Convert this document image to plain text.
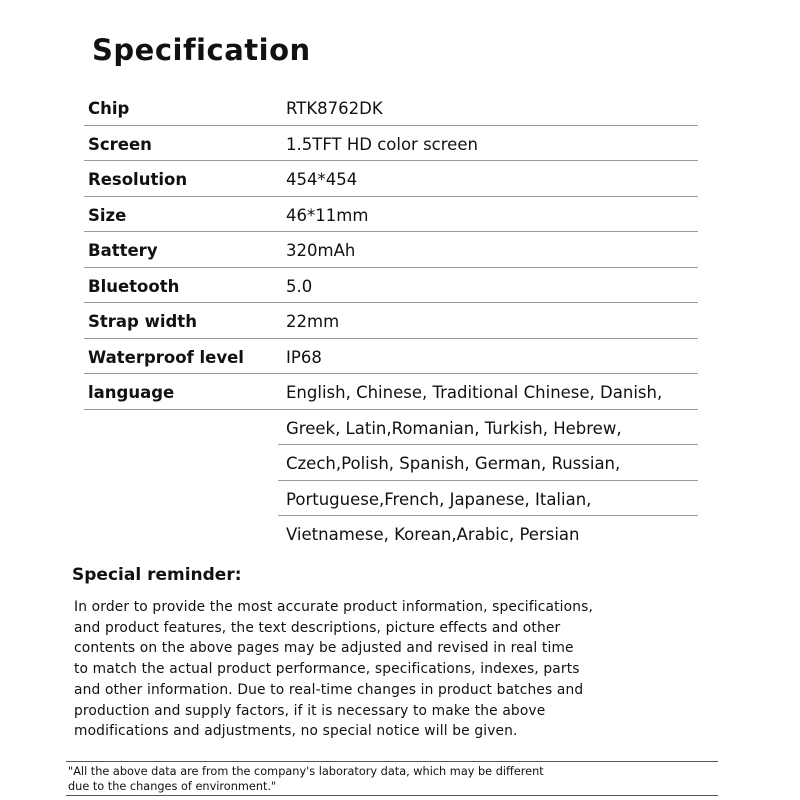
Specification
Chip	RTK8762DK
Screen	1.5TFT HD color screen
Resolution	454*454
Size	46*11mm
Battery	320mAh
Bluetooth	5.0
Strap width	22mm
Waterproof level	IP68
language	English, Chinese, Traditional Chinese, Danish,
Greek, Latin,Romanian, Turkish, Hebrew,
Czech,Polish, Spanish, German, Russian,
Portuguese,French, Japanese, Italian,
Vietnamese, Korean,Arabic, Persian
Special reminder:
In order to provide the most accurate product information, specifications,
and product features, the text descriptions, picture effects and other
contents on the above pages may be adjusted and revised in real time
to match the actual product performance, specifications, indexes, parts
and other information. Due to real-time changes in product batches and
production and supply factors, if it is necessary to make the above
modifications and adjustments, no special notice will be given.
"All the above data are from the company's laboratory data, which may be different
due to the changes of environment."
